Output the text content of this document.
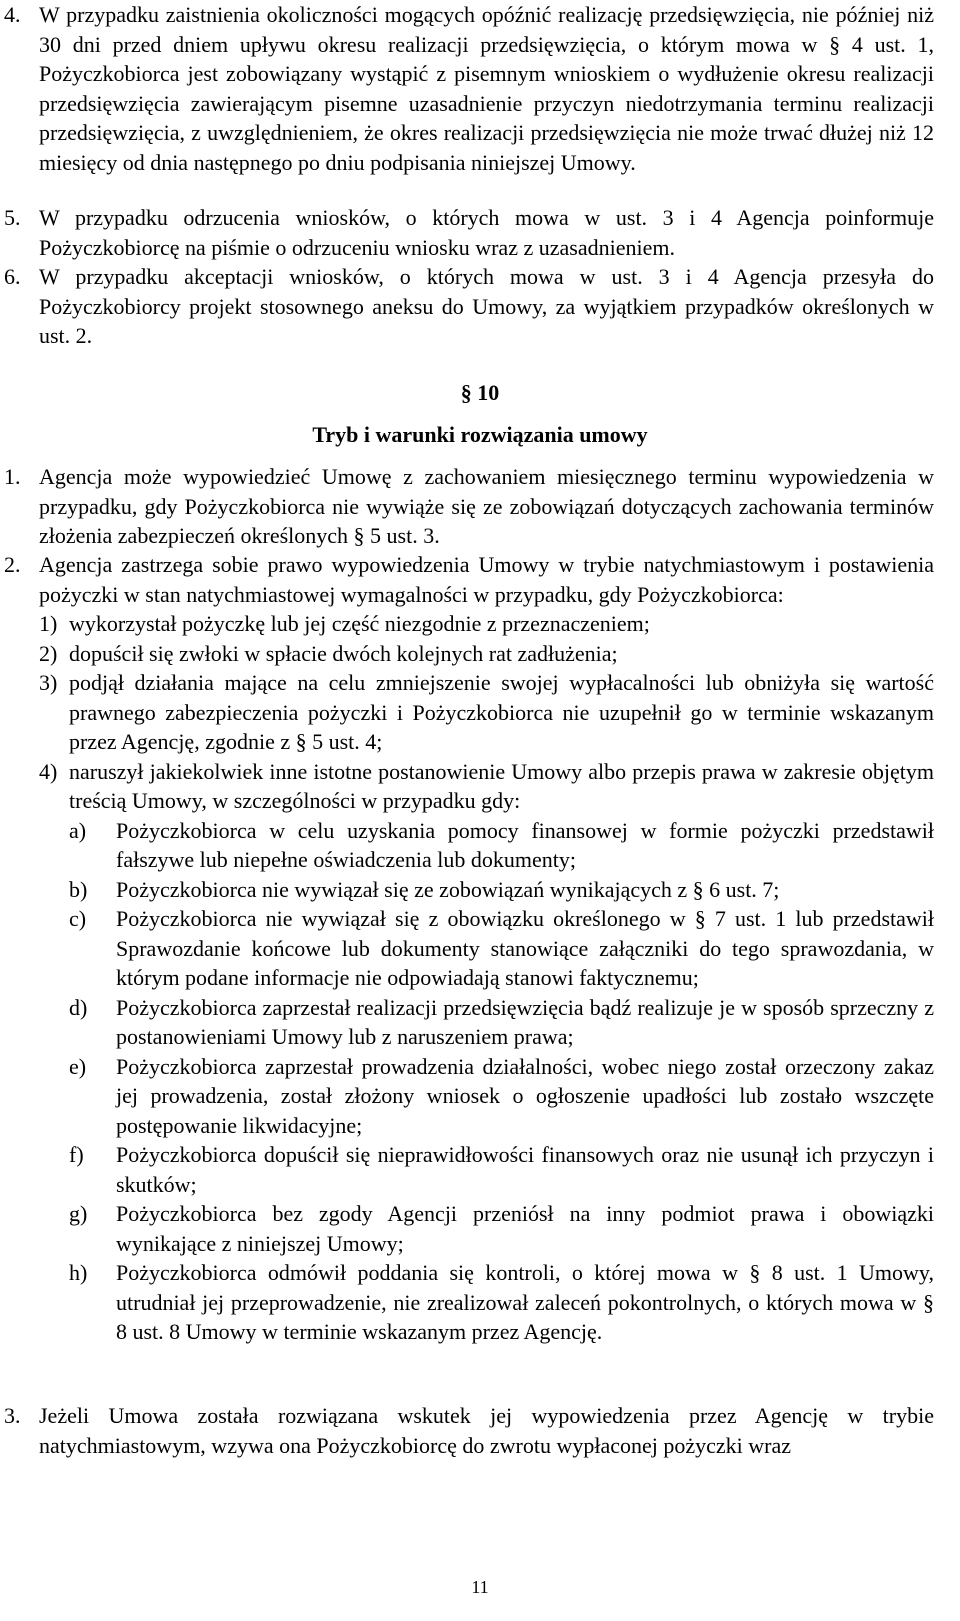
4. W przypadku zaistnienia okoliczności mogących opóźnić realizację przedsięwzięcia, nie później niż 30 dni przed dniem upływu okresu realizacji przedsięwzięcia, o którym mowa w § 4 ust. 1, Pożyczkobiorca jest zobowiązany wystąpić z pisemnym wnioskiem o wydłużenie okresu realizacji przedsięwzięcia zawierającym pisemne uzasadnienie przyczyn niedotrzymania terminu realizacji przedsięwzięcia, z uwzględnieniem, że okres realizacji przedsięwzięcia nie może trwać dłużej niż 12 miesięcy od dnia następnego po dniu podpisania niniejszej Umowy.
5. W przypadku odrzucenia wniosków, o których mowa w ust. 3 i 4 Agencja poinformuje Pożyczkobiorcę na piśmie o odrzuceniu wniosku wraz z uzasadnieniem.
6. W przypadku akceptacji wniosków, o których mowa w ust. 3 i 4 Agencja przesyła do Pożyczkobiorcy projekt stosownego aneksu do Umowy, za wyjątkiem przypadków określonych w ust. 2.
§ 10
Tryb i warunki rozwiązania umowy
1. Agencja może wypowiedzieć Umowę z zachowaniem miesięcznego terminu wypowiedzenia w przypadku, gdy Pożyczkobiorca nie wywiąże się ze zobowiązań dotyczących zachowania terminów złożenia zabezpieczeń określonych § 5 ust. 3.
2. Agencja zastrzega sobie prawo wypowiedzenia Umowy w trybie natychmiastowym i postawienia pożyczki w stan natychmiastowej wymagalności w przypadku, gdy Pożyczkobiorca:
1) wykorzystał pożyczkę lub jej część niezgodnie z przeznaczeniem;
2) dopuścił się zwłoki w spłacie dwóch kolejnych rat zadłużenia;
3) podjął działania mające na celu zmniejszenie swojej wypłacalności lub obniżyła się wartość prawnego zabezpieczenia pożyczki i Pożyczkobiorca nie uzupełnił go w terminie wskazanym przez Agencję, zgodnie z § 5 ust. 4;
4) naruszył jakiekolwiek inne istotne postanowienie Umowy albo przepis prawa w zakresie objętym treścią Umowy, w szczególności w przypadku gdy:
a) Pożyczkobiorca w celu uzyskania pomocy finansowej w formie pożyczki przedstawił fałszywe lub niepełne oświadczenia lub dokumenty;
b) Pożyczkobiorca nie wywiązał się ze zobowiązań wynikających z § 6 ust. 7;
c) Pożyczkobiorca nie wywiązał się z obowiązku określonego w § 7 ust. 1 lub przedstawił Sprawozdanie końcowe lub dokumenty stanowiące załączniki do tego sprawozdania, w którym podane informacje nie odpowiadają stanowi faktycznemu;
d) Pożyczkobiorca zaprzestał realizacji przedsięwzięcia bądź realizuje je w sposób sprzeczny z postanowieniami Umowy lub z naruszeniem prawa;
e) Pożyczkobiorca zaprzestał prowadzenia działalności, wobec niego został orzeczony zakaz jej prowadzenia, został złożony wniosek o ogłoszenie upadłości lub zostało wszczęte postępowanie likwidacyjne;
f) Pożyczkobiorca dopuścił się nieprawidłowości finansowych oraz nie usunął ich przyczyn i skutków;
g) Pożyczkobiorca bez zgody Agencji przeniósł na inny podmiot prawa i obowiązki wynikające z niniejszej Umowy;
h) Pożyczkobiorca odmówił poddania się kontroli, o której mowa w § 8 ust. 1 Umowy, utrudniał jej przeprowadzenie, nie zrealizował zaleceń pokontrolnych, o których mowa w § 8 ust. 8 Umowy w terminie wskazanym przez Agencję.
3. Jeżeli Umowa została rozwiązana wskutek jej wypowiedzenia przez Agencję w trybie natychmiastowym, wzywa ona Pożyczkobiorcę do zwrotu wypłaconej pożyczki wraz
11
